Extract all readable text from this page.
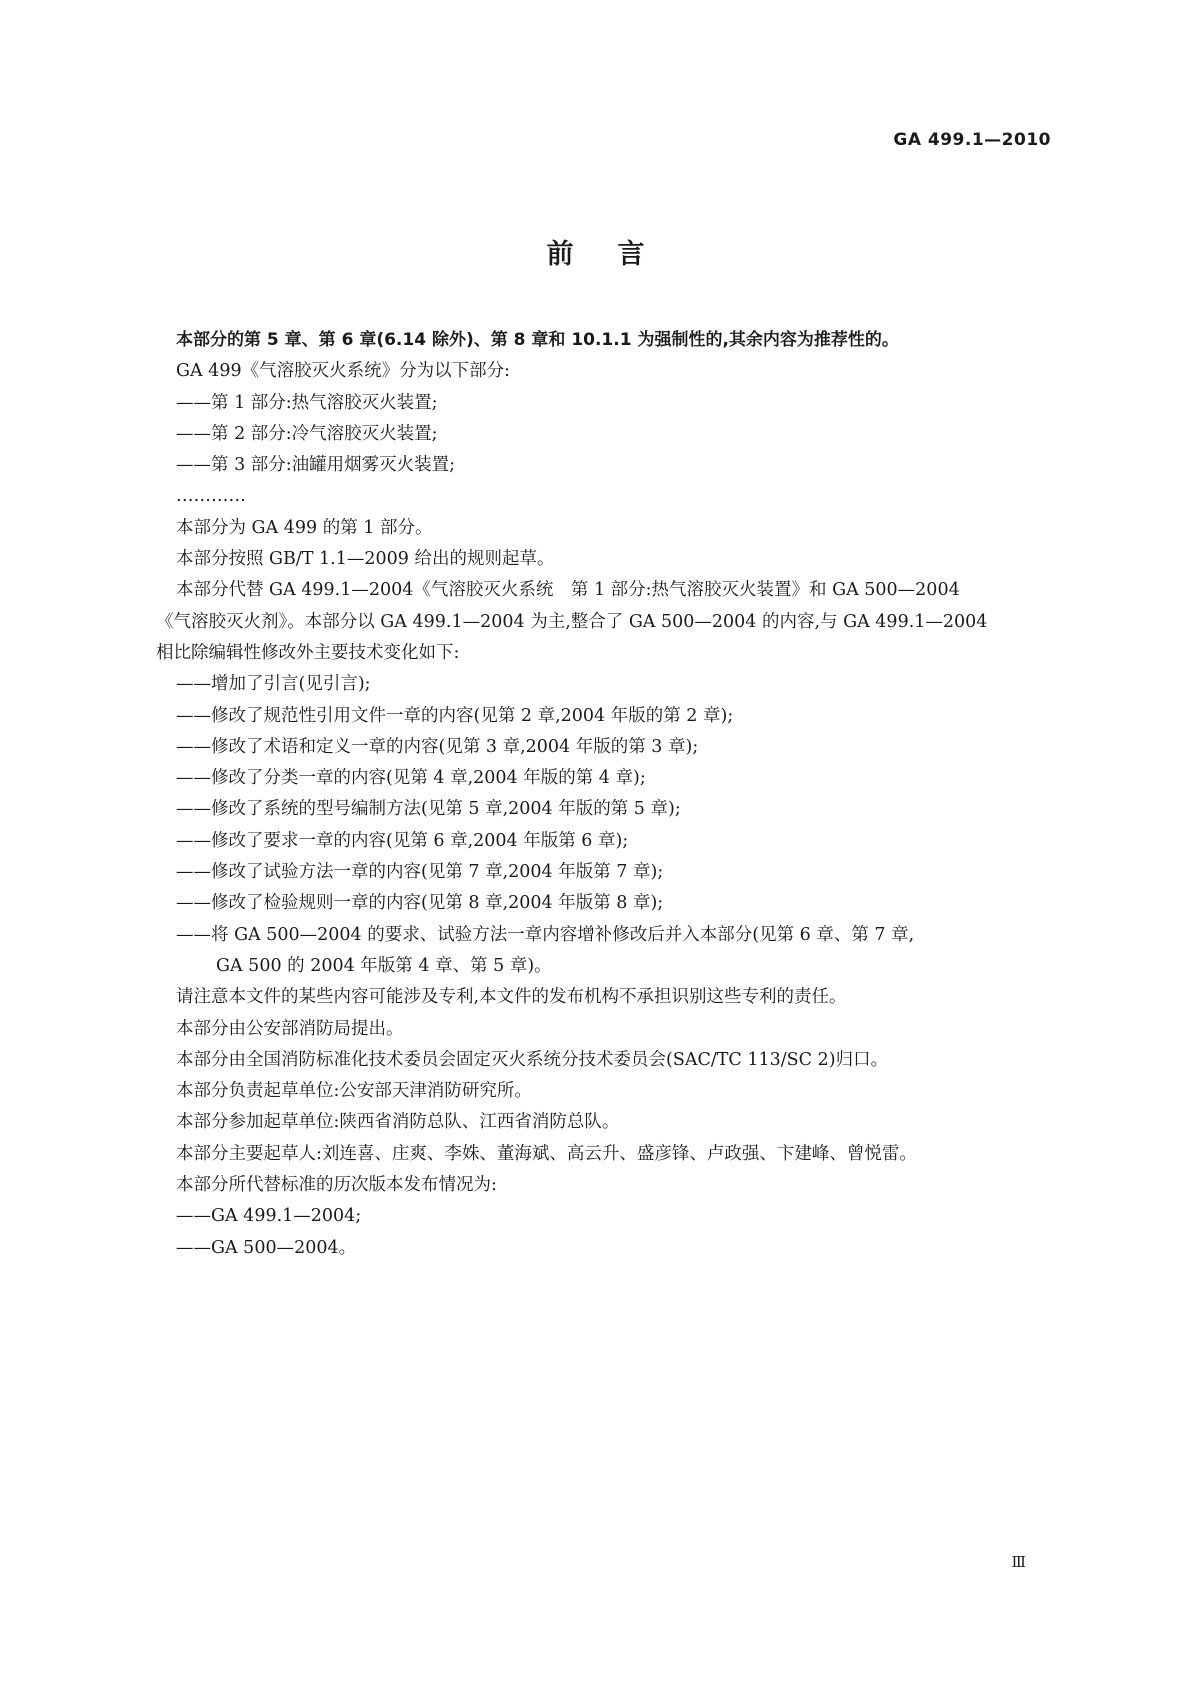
GA 499.1—2010
前言

本部分的第 5 章、第 6 章(6.14 除外)、第 8 章和 10.1.1 为强制性的,其余内容为推荐性的。

GA 499《气溶胶灭火系统》分为以下部分:

——第 1 部分:热气溶胶灭火装置;

——第 2 部分:冷气溶胶灭火装置;

——第 3 部分:油罐用烟雾灭火装置;

…………

本部分为 GA 499 的第 1 部分。

本部分按照 GB/T 1.1—2009 给出的规则起草。

本部分代替 GA 499.1—2004《气溶胶灭火系统　第 1 部分:热气溶胶灭火装置》和 GA 500—2004

《气溶胶灭火剂》。本部分以 GA 499.1—2004 为主,整合了 GA 500—2004 的内容,与 GA 499.1—2004

相比除编辑性修改外主要技术变化如下:

——增加了引言(见引言);

——修改了规范性引用文件一章的内容(见第 2 章,2004 年版的第 2 章);

——修改了术语和定义一章的内容(见第 3 章,2004 年版的第 3 章);

——修改了分类一章的内容(见第 4 章,2004 年版的第 4 章);

——修改了系统的型号编制方法(见第 5 章,2004 年版的第 5 章);

——修改了要求一章的内容(见第 6 章,2004 年版第 6 章);

——修改了试验方法一章的内容(见第 7 章,2004 年版第 7 章);

——修改了检验规则一章的内容(见第 8 章,2004 年版第 8 章);

——将 GA 500—2004 的要求、试验方法一章内容增补修改后并入本部分(见第 6 章、第 7 章,

GA 500 的 2004 年版第 4 章、第 5 章)。

请注意本文件的某些内容可能涉及专利,本文件的发布机构不承担识别这些专利的责任。

本部分由公安部消防局提出。

本部分由全国消防标准化技术委员会固定灭火系统分技术委员会(SAC/TC 113/SC 2)归口。

本部分负责起草单位:公安部天津消防研究所。

本部分参加起草单位:陕西省消防总队、江西省消防总队。

本部分主要起草人:刘连喜、庄爽、李姝、董海斌、高云升、盛彦锋、卢政强、卞建峰、曾悦雷。

本部分所代替标准的历次版本发布情况为:

——GA 499.1—2004;

——GA 500—2004。

Ⅲ
